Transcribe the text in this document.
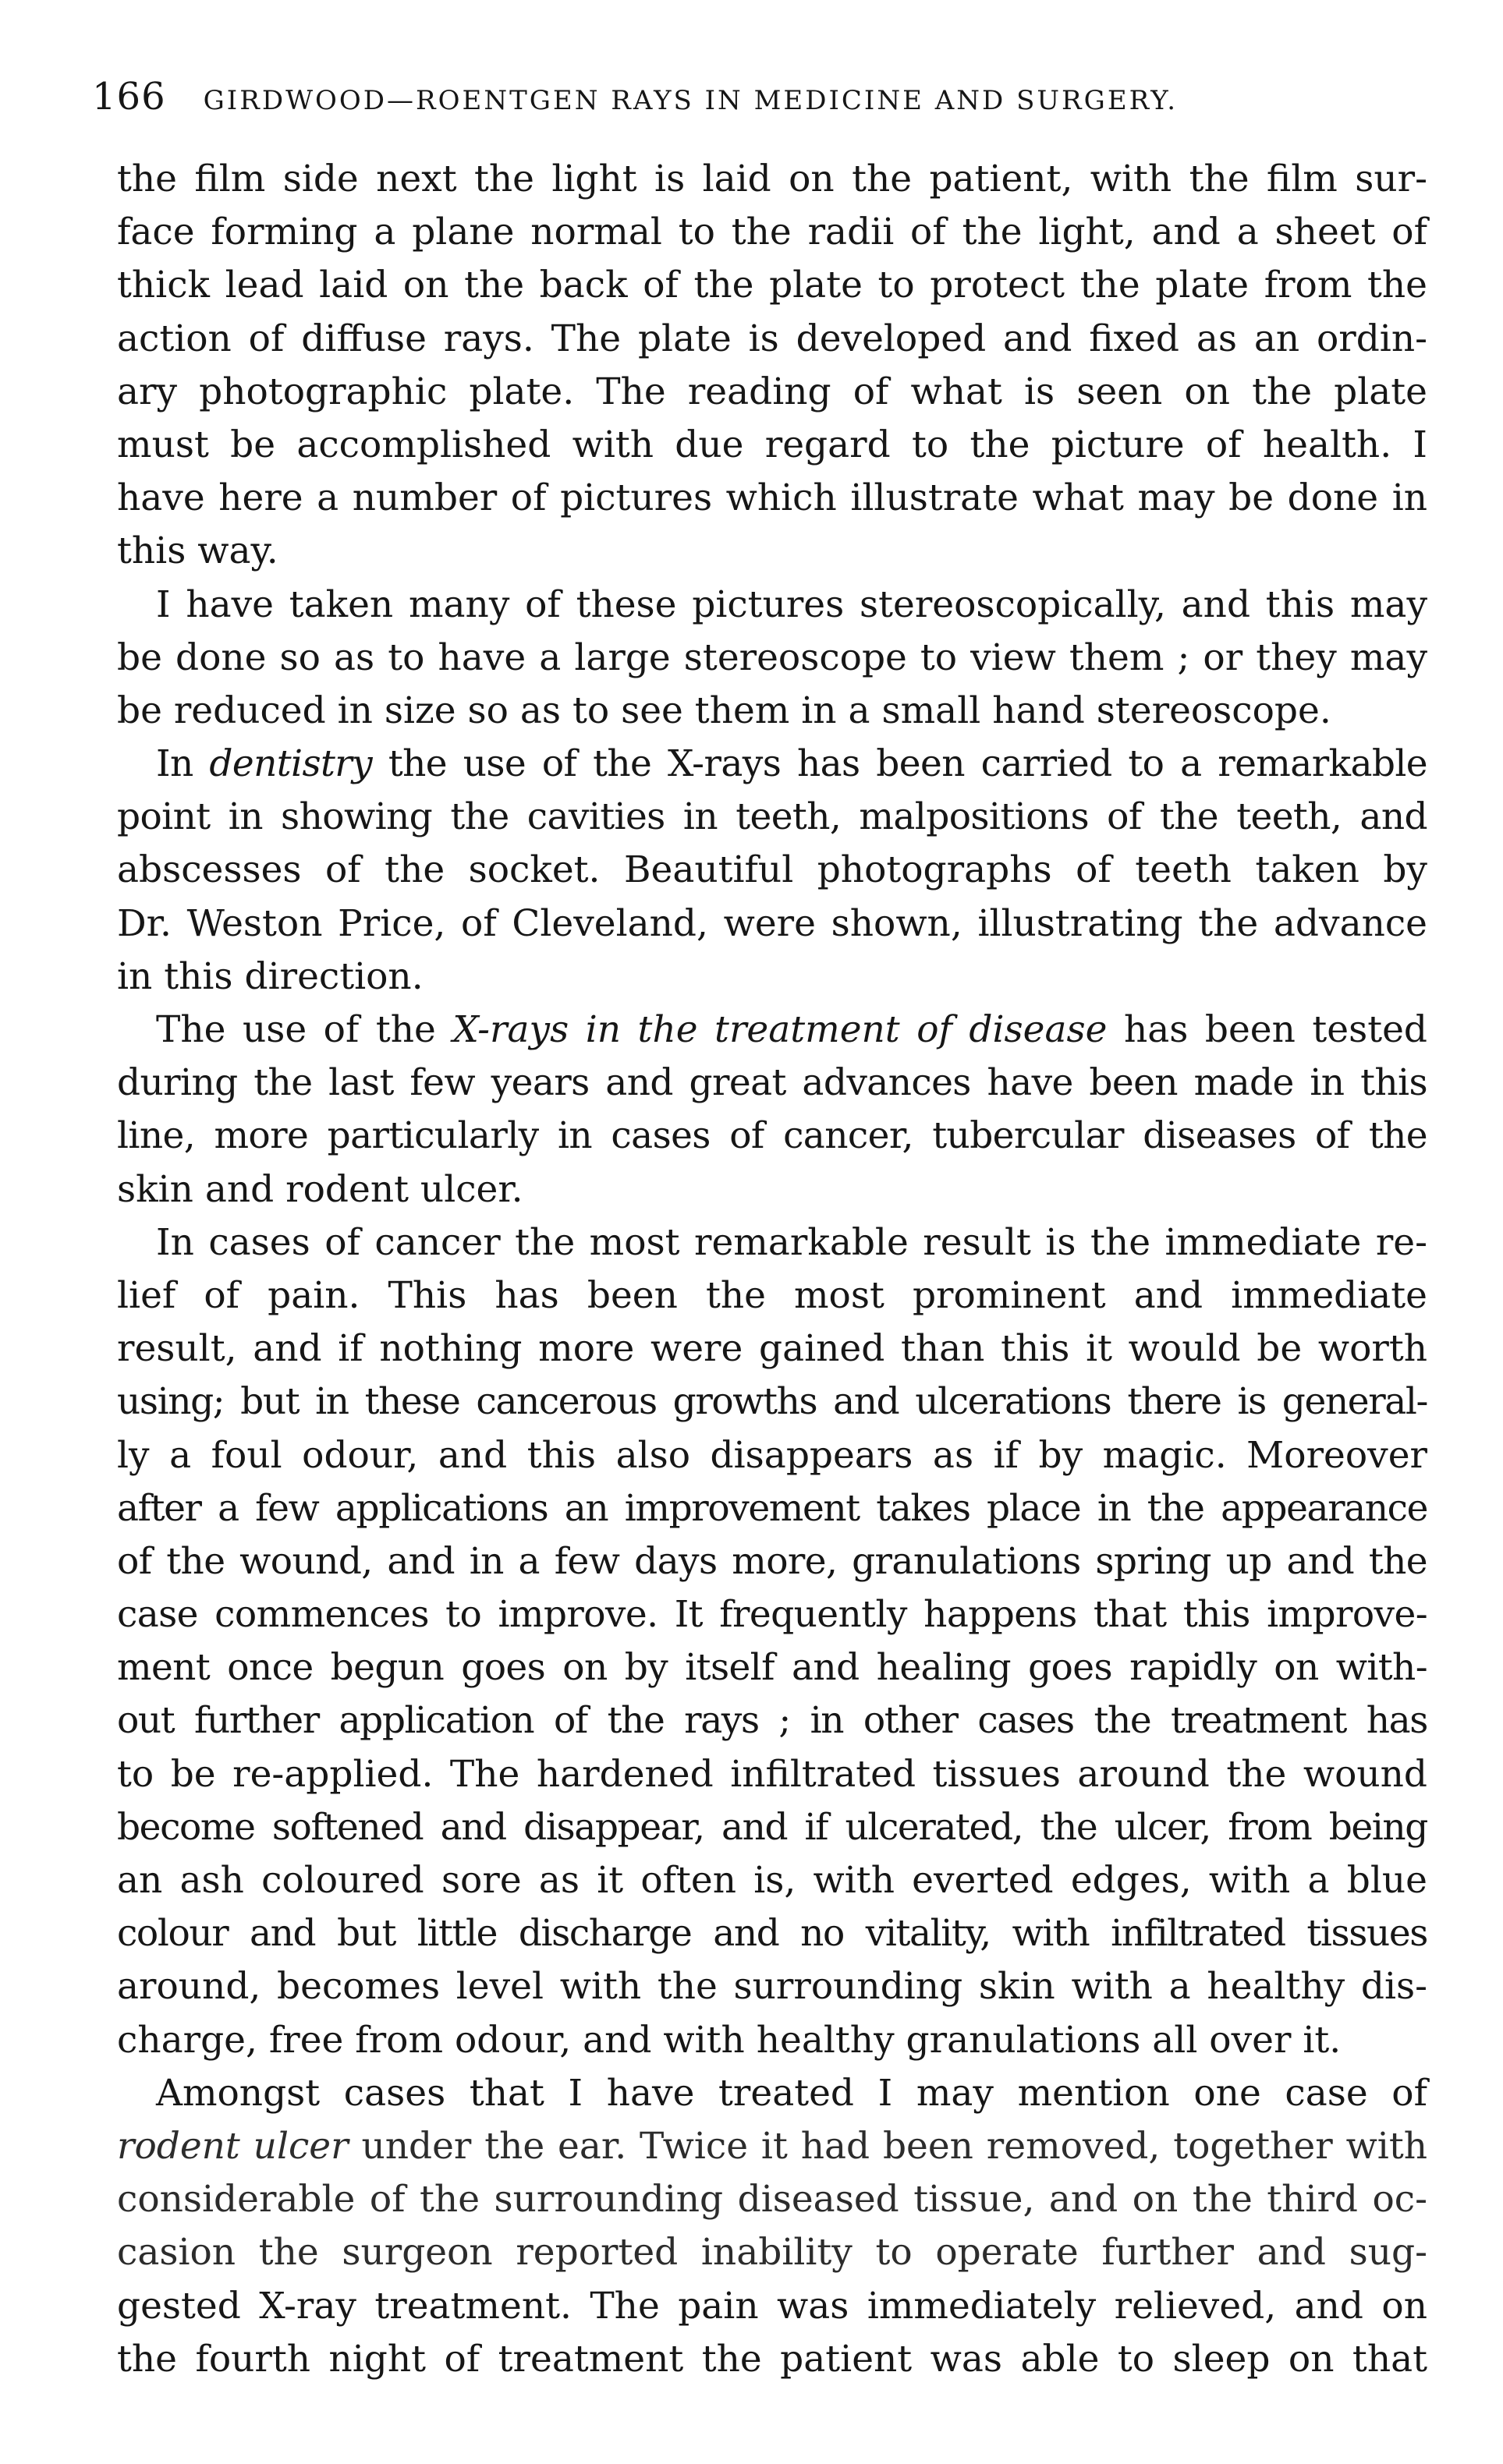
166 GIRDWOOD—ROENTGEN RAYS IN MEDICINE AND SURGERY.
the film side next the light is laid on the patient, with the film sur-
face forming a plane normal to the radii of the light, and a sheet of
thick lead laid on the back of the plate to protect the plate from the
action of diffuse rays. The plate is developed and fixed as an ordin-
ary photographic plate. The reading of what is seen on the plate
must be accomplished with due regard to the picture of health. I
have here a number of pictures which illustrate what may be done in
this way.
I have taken many of these pictures stereoscopically, and this may
be done so as to have a large stereoscope to view them ; or they may
be reduced in size so as to see them in a small hand stereoscope.
In dentistry the use of the X-rays has been carried to a remarkable
point in showing the cavities in teeth, malpositions of the teeth, and
abscesses of the socket. Beautiful photographs of teeth taken by
Dr. Weston Price, of Cleveland, were shown, illustrating the advance
in this direction.
The use of the X-rays in the treatment of disease has been tested
during the last few years and great advances have been made in this
line, more particularly in cases of cancer, tubercular diseases of the
skin and rodent ulcer.
In cases of cancer the most remarkable result is the immediate re-
lief of pain. This has been the most prominent and immediate
result, and if nothing more were gained than this it would be worth
using; but in these cancerous growths and ulcerations there is general-
ly a foul odour, and this also disappears as if by magic. Moreover
after a few applications an improvement takes place in the appearance
of the wound, and in a few days more, granulations spring up and the
case commences to improve. It frequently happens that this improve-
ment once begun goes on by itself and healing goes rapidly on with-
out further application of the rays ; in other cases the treatment has
to be re-applied. The hardened infiltrated tissues around the wound
become softened and disappear, and if ulcerated, the ulcer, from being
an ash coloured sore as it often is, with everted edges, with a blue
colour and but little discharge and no vitality, with infiltrated tissues
around, becomes level with the surrounding skin with a healthy dis-
charge, free from odour, and with healthy granulations all over it.
Amongst cases that I have treated I may mention one case of
rodent ulcer under the ear. Twice it had been removed, together with
considerable of the surrounding diseased tissue, and on the third oc-
casion the surgeon reported inability to operate further and sug-
gested X-ray treatment. The pain was immediately relieved, and on
the fourth night of treatment the patient was able to sleep on that
